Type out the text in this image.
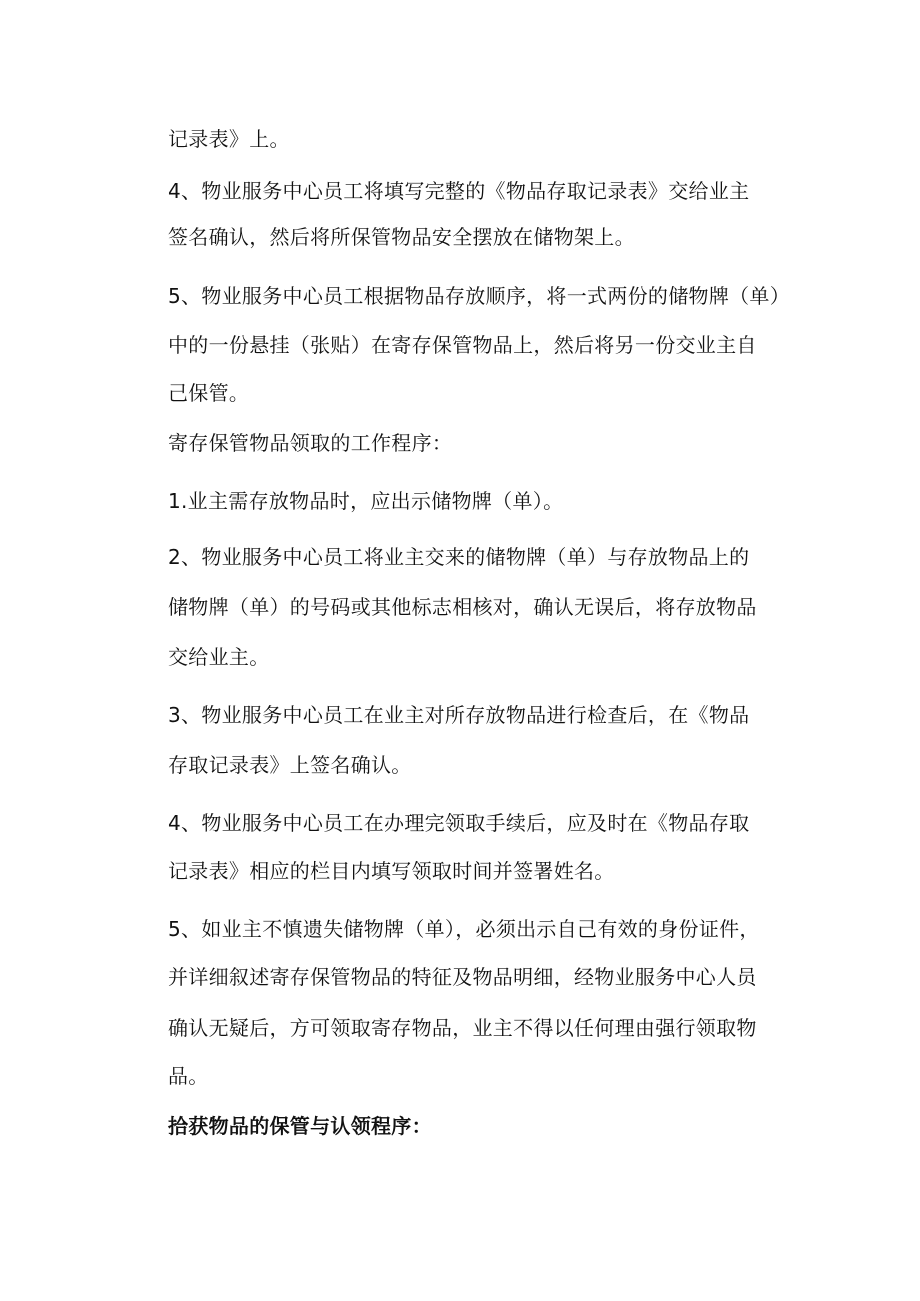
记录表》上。
4、物业服务中心员工将填写完整的《物品存取记录表》交给业主
签名确认，然后将所保管物品安全摆放在储物架上。
5、物业服务中心员工根据物品存放顺序，将一式两份的储物牌（单）
中的一份悬挂（张贴）在寄存保管物品上，然后将另一份交业主自
己保管。
寄存保管物品领取的工作程序：
1.业主需存放物品时，应出示储物牌（单）。
2、物业服务中心员工将业主交来的储物牌（单）与存放物品上的
储物牌（单）的号码或其他标志相核对，确认无误后，将存放物品
交给业主。
3、物业服务中心员工在业主对所存放物品进行检查后，在《物品
存取记录表》上签名确认。
4、物业服务中心员工在办理完领取手续后，应及时在《物品存取
记录表》相应的栏目内填写领取时间并签署姓名。
5、如业主不慎遗失储物牌（单），必须出示自己有效的身份证件，
并详细叙述寄存保管物品的特征及物品明细，经物业服务中心人员
确认无疑后，方可领取寄存物品，业主不得以任何理由强行领取物
品。
拾获物品的保管与认领程序：
